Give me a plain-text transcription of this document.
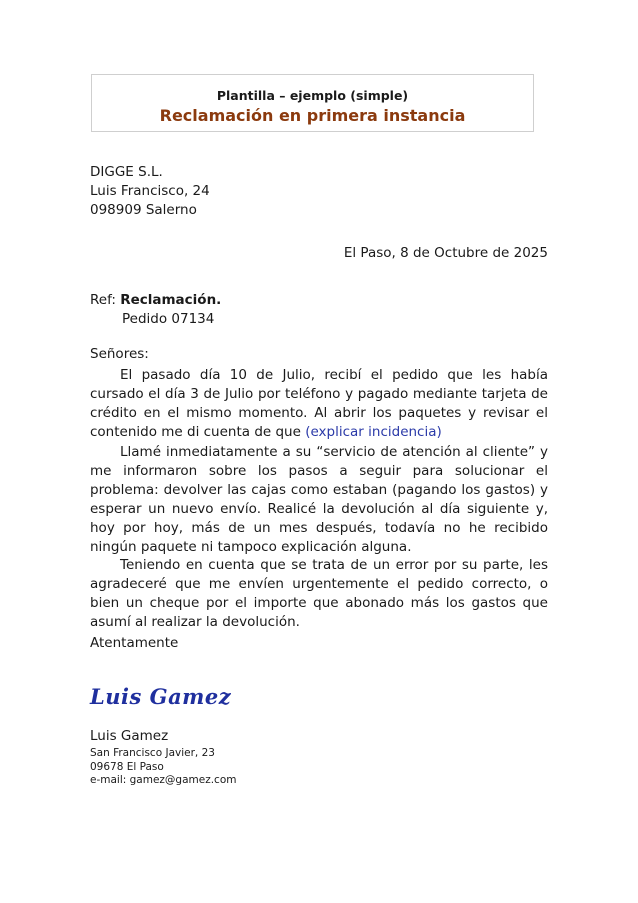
Plantilla – ejemplo (simple)
Reclamación en primera instancia
DIGGE S.L.
Luis Francisco, 24
098909 Salerno
El Paso, 8 de Octubre de 2025
Ref: Reclamación.
Pedido 07134
Señores:
El pasado día 10 de Julio, recibí el pedido que les había cursado el día 3 de Julio por teléfono y pagado mediante tarjeta de crédito en el mismo momento. Al abrir los paquetes y revisar el contenido me di cuenta de que (explicar incidencia)
Llamé inmediatamente a su “servicio de atención al cliente” y me informaron sobre los pasos a seguir para solucionar el problema: devolver las cajas como estaban (pagando los gastos) y esperar un nuevo envío. Realicé la devolución al día siguiente y, hoy por hoy, más de un mes después, todavía no he recibido ningún paquete ni tampoco explicación alguna.
Teniendo en cuenta que se trata de un error por su parte, les agradeceré que me envíen urgentemente el pedido correcto, o bien un cheque por el importe que abonado más los gastos que asumí al realizar la devolución.
Atentamente
Luis Gamez
Luis Gamez
San Francisco Javier, 23
09678 El Paso
e-mail: gamez@gamez.com
